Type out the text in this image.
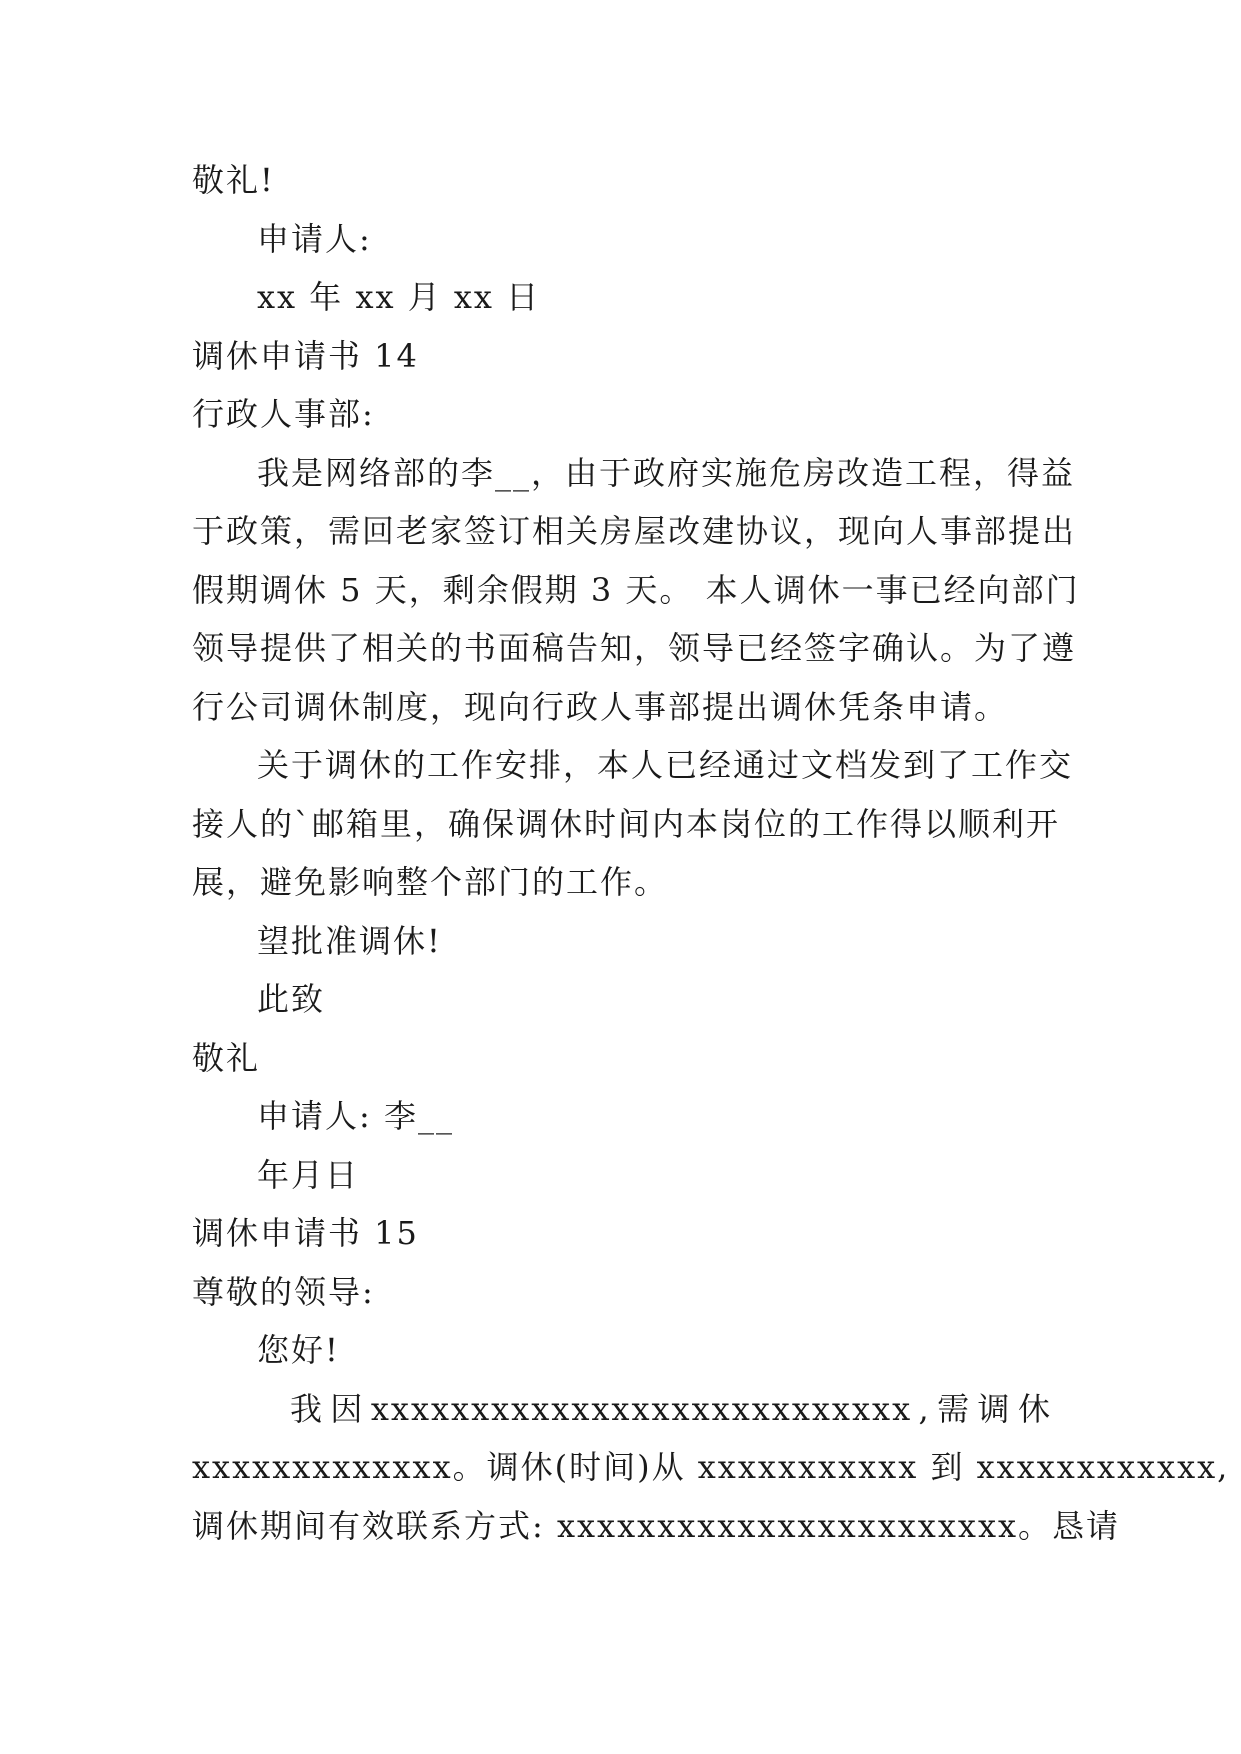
敬礼!
申请人:
xx 年 xx 月 xx 日
调休申请书 14
行政人事部:
我是网络部的李__，由于政府实施危房改造工程，得益
于政策，需回老家签订相关房屋改建协议，现向人事部提出
假期调休 5 天，剩余假期 3 天。 本人调休一事已经向部门
领导提供了相关的书面稿告知，领导已经签字确认。为了遵
行公司调休制度，现向行政人事部提出调休凭条申请。
关于调休的工作安排，本人已经通过文档发到了工作交
接人的`邮箱里，确保调休时间内本岗位的工作得以顺利开
展，避免影响整个部门的工作。
望批准调休!
此致
敬礼
申请人: 李__
年月日
调休申请书 15
尊敬的领导:
您好!
我 因 xxxxxxxxxxxxxxxxxxxxxxxxxxx , 需 调 休
xxxxxxxxxxxxx。调休(时间)从 xxxxxxxxxxx 到 xxxxxxxxxxxx,
调休期间有效联系方式: xxxxxxxxxxxxxxxxxxxxxxx。恳请
